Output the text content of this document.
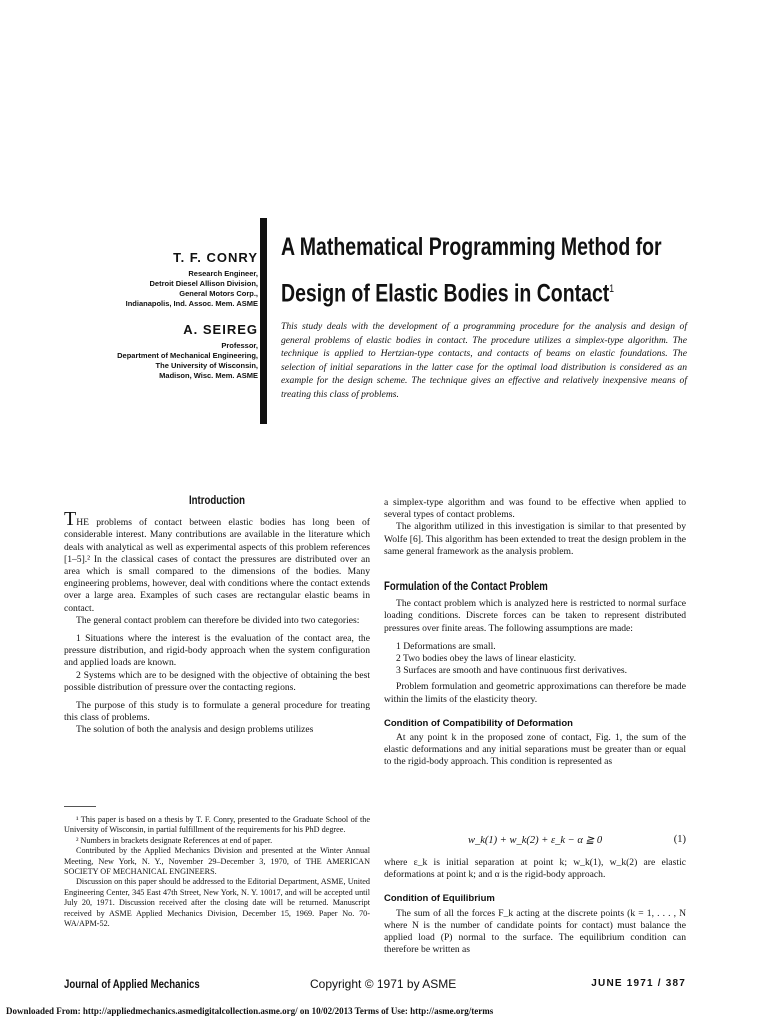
T. F. CONRY
Research Engineer,
Detroit Diesel Allison Division,
General Motors Corp.,
Indianapolis, Ind. Assoc. Mem. ASME
A. SEIREG
Professor,
Department of Mechanical Engineering,
The University of Wisconsin,
Madison, Wisc. Mem. ASME
A Mathematical Programming Method for
Design of Elastic Bodies in Contact$^1$
This study deals with the development of a programming procedure for the analysis and design of general problems of elastic bodies in contact. The procedure utilizes a simplex-type algorithm. The technique is applied to Hertzian-type contacts, and contacts of beams on elastic foundations. The selection of initial separations in the latter case for the optimal load distribution is considered as an example for the design scheme. The technique gives an effective and relatively inexpensive means of treating this class of problems.

Introduction

THE problems of contact between elastic bodies has long been of considerable interest. Many contributions are available in the literature which deals with analytical as well as experimental aspects of this problem references [1–5].² In the classical cases of contact the pressures are distributed over an area which is small compared to the dimensions of the bodies. Many engineering problems, however, deal with conditions where the contact extends over a large area. Examples of such cases are rectangular elastic beams in contact.

The general contact problem can therefore be divided into two categories:

1 Situations where the interest is the evaluation of the contact area, the pressure distribution, and rigid-body approach when the system configuration and applied loads are known.

2 Systems which are to be designed with the objective of obtaining the best possible distribution of pressure over the contacting regions.

The purpose of this study is to formulate a general procedure for treating this class of problems.

The solution of both the analysis and design problems utilizes

¹ This paper is based on a thesis by T. F. Conry, presented to the Graduate School of the University of Wisconsin, in partial fulfillment of the requirements for his PhD degree.

² Numbers in brackets designate References at end of paper.

Contributed by the Applied Mechanics Division and presented at the Winter Annual Meeting, New York, N. Y., November 29–December 3, 1970, of THE AMERICAN SOCIETY OF MECHANICAL ENGINEERS.

Discussion on this paper should be addressed to the Editorial Department, ASME, United Engineering Center, 345 East 47th Street, New York, N. Y. 10017, and will be accepted until July 20, 1971. Discussion received after the closing date will be returned. Manuscript received by ASME Applied Mechanics Division, December 15, 1969. Paper No. 70-WA/APM-52.

a simplex-type algorithm and was found to be effective when applied to several types of contact problems.

The algorithm utilized in this investigation is similar to that presented by Wolfe [6]. This algorithm has been extended to treat the design problem in the same general framework as the analysis problem.

Formulation of the Contact Problem

The contact problem which is analyzed here is restricted to normal surface loading conditions. Discrete forces can be taken to represent distributed pressures over finite areas. The following assumptions are made:

1 Deformations are small.

2 Two bodies obey the laws of linear elasticity.

3 Surfaces are smooth and have continuous first derivatives.

Problem formulation and geometric approximations can therefore be made within the limits of the elasticity theory.

Condition of Compatibility of Deformation

At any point k in the proposed zone of contact, Fig. 1, the sum of the elastic deformations and any initial separations must be greater than or equal to the rigid-body approach. This condition is represented as

w_k(1) + w_k(2) + ε_k − α ≧ 0	(1)

where ε_k is initial separation at point k; w_k(1), w_k(2) are elastic deformations at point k; and α is the rigid-body approach.

Condition of Equilibrium

The sum of all the forces F_k acting at the discrete points (k = 1, . . . , N where N is the number of candidate points for contact) must balance the applied load (P) normal to the surface. The equilibrium condition can therefore be written as

Journal of Applied Mechanics	Copyright © 1971 by ASME	JUNE 1971 / 387
Downloaded From: http://appliedmechanics.asmedigitalcollection.asme.org/ on 10/02/2013 Terms of Use: http://asme.org/terms
